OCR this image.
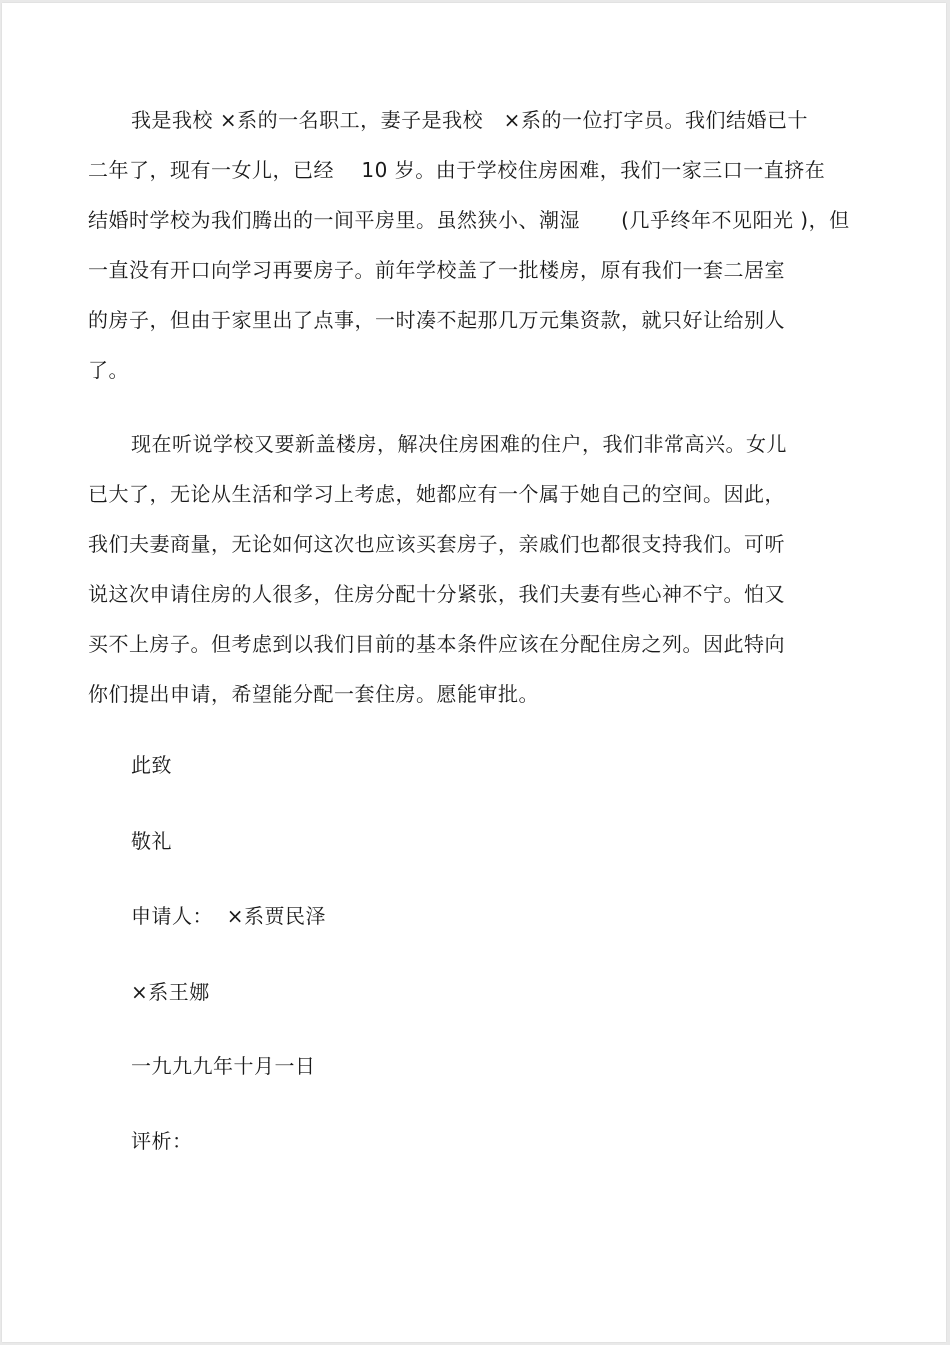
我是我校 ×系的一名职工，妻子是我校   ×系的一位打字员。我们结婚已十
二年了，现有一女儿，已经    10 岁。由于学校住房困难，我们一家三口一直挤在
结婚时学校为我们腾出的一间平房里。虽然狭小、潮湿      (几乎终年不见阳光 )，但
一直没有开口向学习再要房子。前年学校盖了一批楼房，原有我们一套二居室
的房子，但由于家里出了点事，一时凑不起那几万元集资款，就只好让给别人
了。
现在听说学校又要新盖楼房，解决住房困难的住户，我们非常高兴。女儿
已大了，无论从生活和学习上考虑，她都应有一个属于她自己的空间。因此，
我们夫妻商量，无论如何这次也应该买套房子，亲戚们也都很支持我们。可听
说这次申请住房的人很多，住房分配十分紧张，我们夫妻有些心神不宁。怕又
买不上房子。但考虑到以我们目前的基本条件应该在分配住房之列。因此特向
你们提出申请，希望能分配一套住房。愿能审批。

此致

敬礼

申请人：  ×系贾民泽

×系王娜

一九九九年十月一日

评析：
